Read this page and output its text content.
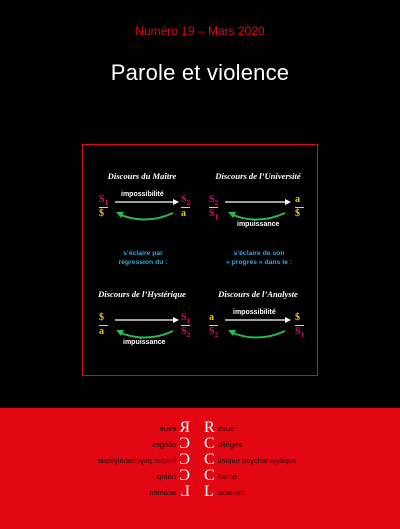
Numéro 19 – Mars 2020
Parole et violence
Discours du Maître
$S_1$
$
$S_2$
a
impossibilité
Discours de l’Université
$S_2$
$S_1$
a
$
impuissance
s’éclaire par
régression du :
s’éclaire de son
« progrès » dans le :
Discours de l’Hystérique
$
a
$S_1$
$S_2$
impuissance
Discours de l’Analyste
a
$S_2$
$
$S_1$
impossibilité
Revue
Collèges
Clinique psychanalytique
Champ
Lacanien
Revue
Collèges
Clinique psychanalytique
Champ
Lacanien
